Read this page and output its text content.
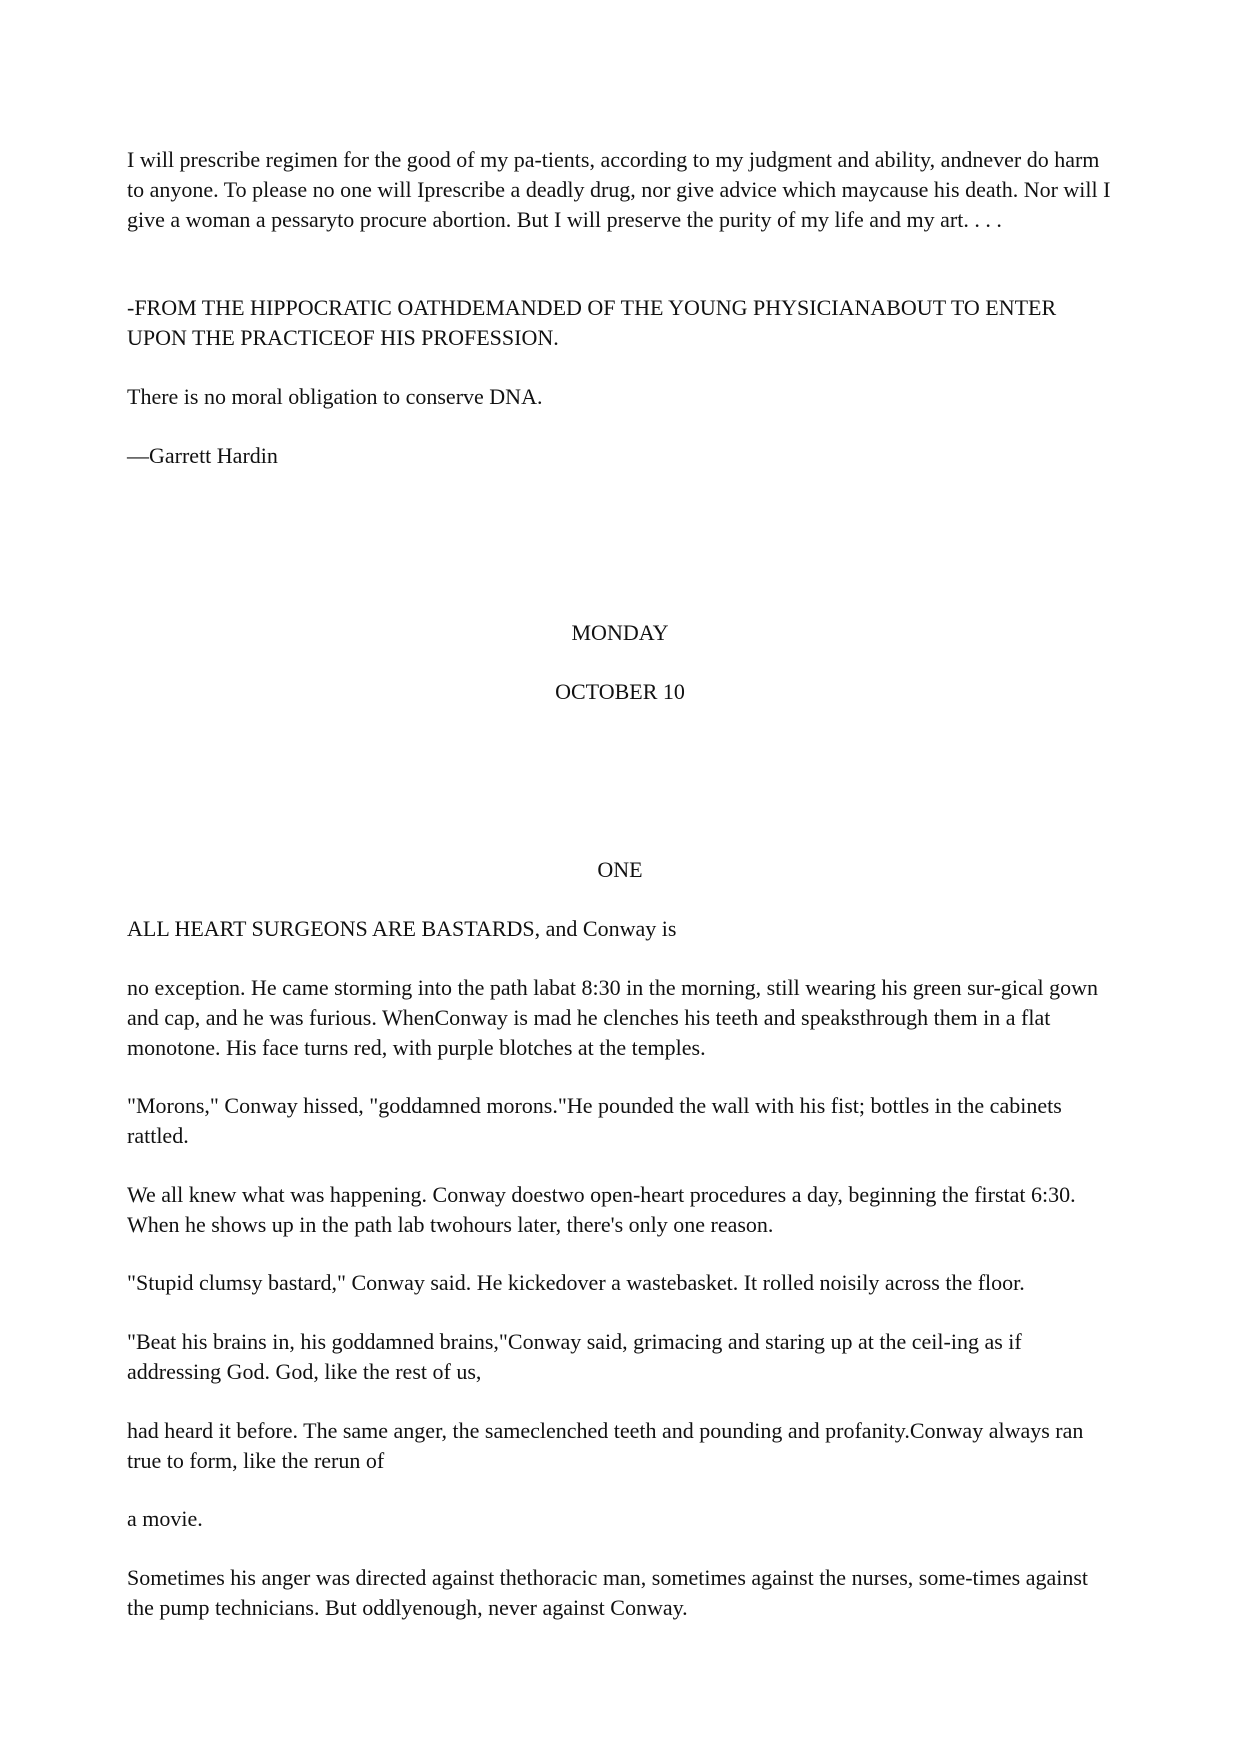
I will prescribe regimen for the good of my pa-tients, according to my judgment and ability, andnever do harm to anyone. To please no one will Iprescribe a deadly drug, nor give advice which maycause his death. Nor will I give a woman a pessaryto procure abortion. But I will preserve the purity of my life and my art. . . .

-FROM THE HIPPOCRATIC OATHDEMANDED OF THE YOUNG PHYSICIANABOUT TO ENTER UPON THE PRACTICEOF HIS PROFESSION.

There is no moral obligation to conserve DNA.

—Garrett Hardin

MONDAY

OCTOBER 10

ONE

ALL HEART SURGEONS ARE BASTARDS, and Conway is

no exception. He came storming into the path labat 8:30 in the morning, still wearing his green sur-gical gown and cap, and he was furious. WhenConway is mad he clenches his teeth and speaksthrough them in a flat monotone. His face turns red, with purple blotches at the temples.

"Morons," Conway hissed, "goddamned morons."He pounded the wall with his fist; bottles in the cabinets rattled.

We all knew what was happening. Conway doestwo open-heart procedures a day, beginning the firstat 6:30. When he shows up in the path lab twohours later, there's only one reason.

"Stupid clumsy bastard," Conway said. He kickedover a wastebasket. It rolled noisily across the floor.

"Beat his brains in, his goddamned brains,"Conway said, grimacing and staring up at the ceil-ing as if addressing God. God, like the rest of us,

had heard it before. The same anger, the sameclenched teeth and pounding and profanity.Conway always ran true to form, like the rerun of

a movie.

Sometimes his anger was directed against thethoracic man, sometimes against the nurses, some-times against the pump technicians. But oddlyenough, never against Conway.
